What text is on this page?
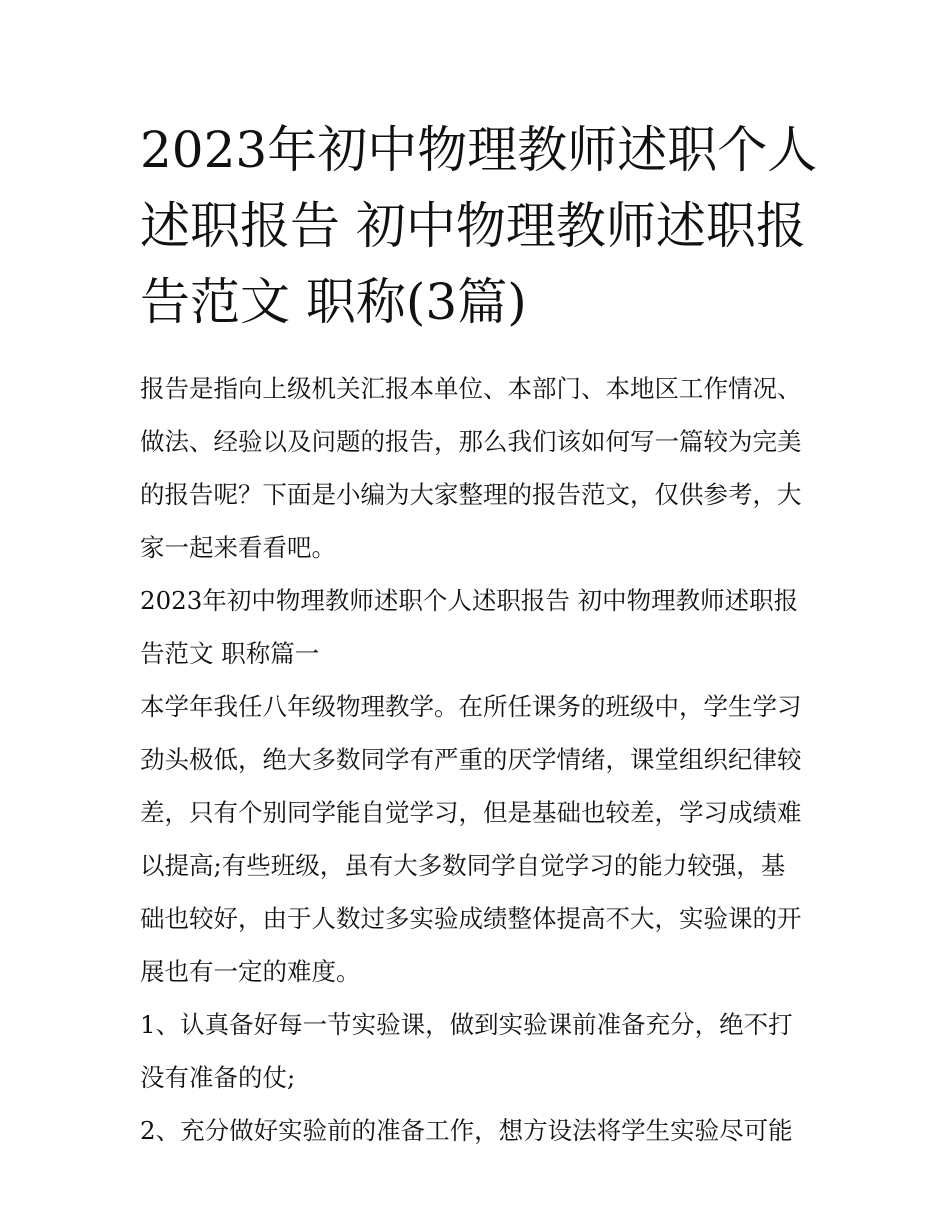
2023年初中物理教师述职个人
述职报告 初中物理教师述职报
告范文 职称(3篇)

报告是指向上级机关汇报本单位、本部门、本地区工作情况、
做法、经验以及问题的报告，那么我们该如何写一篇较为完美
的报告呢？下面是小编为大家整理的报告范文，仅供参考，大
家一起来看看吧。

2023年初中物理教师述职个人述职报告 初中物理教师述职报
告范文 职称篇一

本学年我任八年级物理教学。在所任课务的班级中，学生学习
劲头极低，绝大多数同学有严重的厌学情绪，课堂组织纪律较
差，只有个别同学能自觉学习，但是基础也较差，学习成绩难
以提高;有些班级，虽有大多数同学自觉学习的能力较强，基
础也较好，由于人数过多实验成绩整体提高不大，实验课的开
展也有一定的难度。

1、认真备好每一节实验课，做到实验课前准备充分，绝不打
没有准备的仗;

2、充分做好实验前的准备工作，想方设法将学生实验尽可能
